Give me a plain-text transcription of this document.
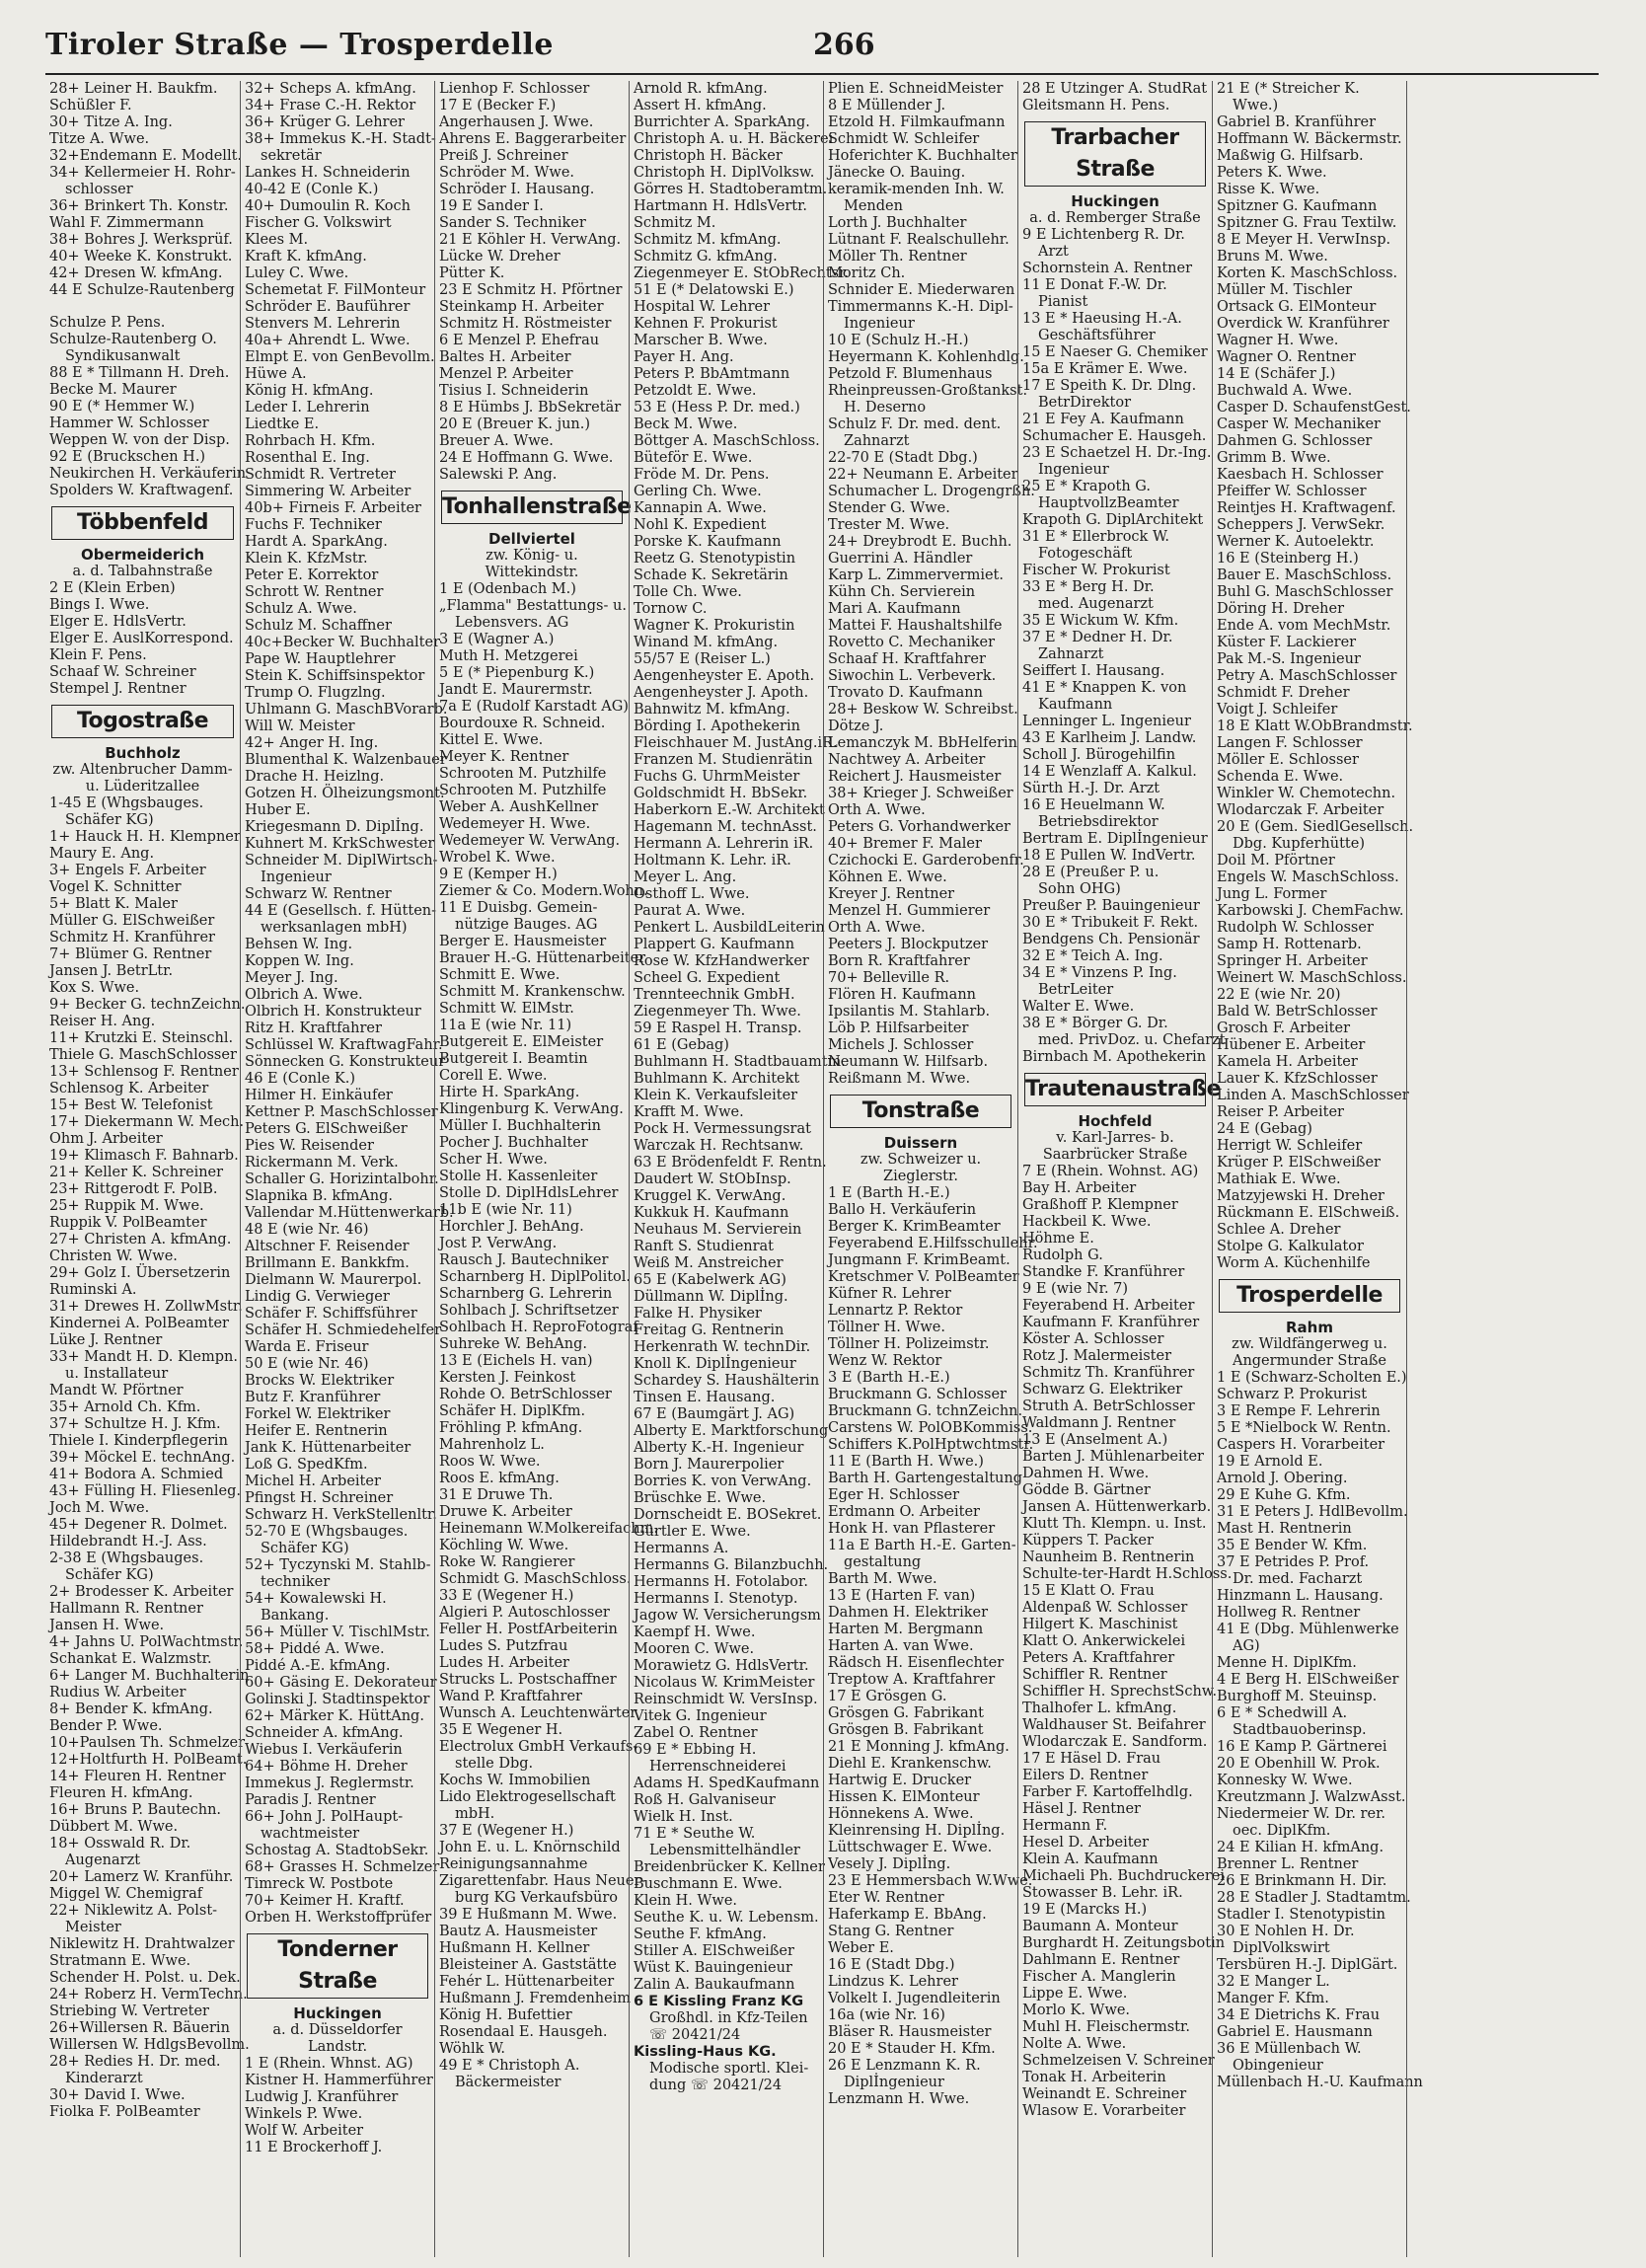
Tiroler Straße — Trosperdelle	266
28+ Leiner H. Baukfm.
Schüßler F.
30+ Titze A. Ing.
Titze A. Wwe.
32+Endemann E. Modellt.
34+ Kellermeier H. Rohr-
schlosser
36+ Brinkert Th. Konstr.
Wahl F. Zimmermann
38+ Bohres J. Werksprüf.
40+ Weeke K. Konstrukt.
42+ Dresen W. kfmAng.
44 E Schulze-Rautenberg
Schulze P. Pens.
Schulze-Rautenberg O.
Syndikusanwalt
88 E * Tillmann H. Dreh.
Becke M. Maurer
90 E (* Hemmer W.)
Hammer W. Schlosser
Weppen W. von der Disp.
92 E (Bruckschen H.)
Neukirchen H. Verkäuferin
Spolders W. Kraftwagenf.
Többenfeld
Obermeiderich
a. d. Talbahnstraße
2 E (Klein Erben)
Bings I. Wwe.
Elger E. HdlsVertr.
Elger E. AuslKorrespond.
Klein F. Pens.
Schaaf W. Schreiner
Stempel J. Rentner
Togostraße
Buchholz
zw. Altenbrucher Damm-
u. Lüderitzallee
1-45 E (Whgsbauges.
Schäfer KG)
1+ Hauck H. H. Klempner
Maury E. Ang.
3+ Engels F. Arbeiter
Vogel K. Schnitter
5+ Blatt K. Maler
Müller G. ElSchweißer
Schmitz H. Kranführer
7+ Blümer G. Rentner
Jansen J. BetrLtr.
Kox S. Wwe.
9+ Becker G. technZeichn.
Reiser H. Ang.
11+ Krutzki E. Steinschl.
Thiele G. MaschSchlosser
13+ Schlensog F. Rentner
Schlensog K. Arbeiter
15+ Best W. Telefonist
17+ Diekermann W. Mech.
Ohm J. Arbeiter
19+ Klimasch F. Bahnarb.
21+ Keller K. Schreiner
23+ Rittgerodt F. PolB.
25+ Ruppik M. Wwe.
Ruppik V. PolBeamter
27+ Christen A. kfmAng.
Christen W. Wwe.
29+ Golz I. Übersetzerin
Ruminski A.
31+ Drewes H. ZollwMstr.
Kindernei A. PolBeamter
Lüke J. Rentner
33+ Mandt H. D. Klempn.
u. Installateur
Mandt W. Pförtner
35+ Arnold Ch. Kfm.
37+ Schultze H. J. Kfm.
Thiele I. Kinderpflegerin
39+ Möckel E. technAng.
41+ Bodora A. Schmied
43+ Fülling H. Fliesenleg.
Joch M. Wwe.
45+ Degener R. Dolmet.
Hildebrandt H.-J. Ass.
2-38 E (Whgsbauges.
Schäfer KG)
2+ Brodesser K. Arbeiter
Hallmann R. Rentner
Jansen H. Wwe.
4+ Jahns U. PolWachtmstr.
Schankat E. Walzmstr.
6+ Langer M. Buchhalterin
Rudius W. Arbeiter
8+ Bender K. kfmAng.
Bender P. Wwe.
10+Paulsen Th. Schmelzer
12+Holtfurth H. PolBeamt.
14+ Fleuren H. Rentner
Fleuren H. kfmAng.
16+ Bruns P. Bautechn.
Dübbert M. Wwe.
18+ Osswald R. Dr.
Augenarzt
20+ Lamerz W. Kranführ.
Miggel W. Chemigraf
22+ Niklewitz A. Polst-
Meister
Niklewitz H. Drahtwalzer
Stratmann E. Wwe.
Schender H. Polst. u. Dek.
24+ Roberz H. VermTechn.
Striebing W. Vertreter
26+Willersen R. Bäuerin
Willersen W. HdlgsBevollm.
28+ Redies H. Dr. med.
Kinderarzt
30+ David I. Wwe.
Fiolka F. PolBeamter
32+ Scheps A. kfmAng.
34+ Frase C.-H. Rektor
36+ Krüger G. Lehrer
38+ Immekus K.-H. Stadt-
sekretär
Lankes H. Schneiderin
40-42 E (Conle K.)
40+ Dumoulin R. Koch
Fischer G. Volkswirt
Klees M.
Kraft K. kfmAng.
Luley C. Wwe.
Schemetat F. FilMonteur
Schröder E. Bauführer
Stenvers M. Lehrerin
40a+ Ahrendt L. Wwe.
Elmpt E. von GenBevollm.
Hüwe A.
König H. kfmAng.
Leder I. Lehrerin
Liedtke E.
Rohrbach H. Kfm.
Rosenthal E. Ing.
Schmidt R. Vertreter
Simmering W. Arbeiter
40b+ Firneis F. Arbeiter
Fuchs F. Techniker
Hardt A. SparkAng.
Klein K. KfzMstr.
Peter E. Korrektor
Schrott W. Rentner
Schulz A. Wwe.
Schulz M. Schaffner
40c+Becker W. Buchhalter
Pape W. Hauptlehrer
Stein K. Schiffsinspektor
Trump O. Flugzlng.
Uhlmann G. MaschBVorarb.
Will W. Meister
42+ Anger H. Ing.
Blumenthal K. Walzenbauer
Drache H. Heizlng.
Gotzen H. Ölheizungsmont.
Huber E.
Kriegesmann D. Diplİng.
Kuhnert M. KrkSchwester
Schneider M. DiplWirtsch-
Ingenieur
Schwarz W. Rentner
44 E (Gesellsch. f. Hütten-
werksanlagen mbH)
Behsen W. Ing.
Koppen W. Ing.
Meyer J. Ing.
Olbrich A. Wwe.
Olbrich H. Konstrukteur
Ritz H. Kraftfahrer
Schlüssel W. KraftwagFahr.
Sönnecken G. Konstrukteur
46 E (Conle K.)
Hilmer H. Einkäufer
Kettner P. MaschSchlosser
Peters G. ElSchweißer
Pies W. Reisender
Rickermann M. Verk.
Schaller G. Horizintalbohr.
Slapnika B. kfmAng.
Vallendar M.Hüttenwerkarb.
48 E (wie Nr. 46)
Altschner F. Reisender
Brillmann E. Bankkfm.
Dielmann W. Maurerpol.
Lindig G. Verwieger
Schäfer F. Schiffsführer
Schäfer H. Schmiedehelfer
Warda E. Friseur
50 E (wie Nr. 46)
Brocks W. Elektriker
Butz F. Kranführer
Forkel W. Elektriker
Heifer E. Rentnerin
Jank K. Hüttenarbeiter
Loß G. SpedKfm.
Michel H. Arbeiter
Pfingst H. Schreiner
Schwarz H. VerkStellenltr.
52-70 E (Whgsbauges.
Schäfer KG)
52+ Tyczynski M. Stahlb-
techniker
54+ Kowalewski H.
Bankang.
56+ Müller V. TischlMstr.
58+ Piddé A. Wwe.
Piddé A.-E. kfmAng.
60+ Gäsing E. Dekorateur
Golinski J. Stadtinspektor
62+ Märker K. HüttAng.
Schneider A. kfmAng.
Wiebus I. Verkäuferin
64+ Böhme H. Dreher
Immekus J. Reglermstr.
Paradis J. Rentner
66+ John J. PolHaupt-
wachtmeister
Schostag A. StadtobSekr.
68+ Grasses H. Schmelzer
Timreck W. Postbote
70+ Keimer H. Kraftf.
Orben H. Werkstoffprüfer
Tonderner Straße
Huckingen
a. d. Düsseldorfer Landstr.
1 E (Rhein. Whnst. AG)
Kistner H. Hammerführer
Ludwig J. Kranführer
Winkels P. Wwe.
Wolf W. Arbeiter
11 E Brockerhoff J.
Lienhop F. Schlosser
17 E (Becker F.)
Angerhausen J. Wwe.
Ahrens E. Baggerarbeiter
Preiß J. Schreiner
Schröder M. Wwe.
Schröder I. Hausang.
19 E Sander I.
Sander S. Techniker
21 E Köhler H. VerwAng.
Lücke W. Dreher
Pütter K.
23 E Schmitz H. Pförtner
Steinkamp H. Arbeiter
Schmitz H. Röstmeister
6 E Menzel P. Ehefrau
Baltes H. Arbeiter
Menzel P. Arbeiter
Tisius I. Schneiderin
8 E Hümbs J. BbSekretär
20 E (Breuer K. jun.)
Breuer A. Wwe.
24 E Hoffmann G. Wwe.
Salewski P. Ang.
Tonhallenstraße
Dellviertel
zw. König- u. Wittekindstr.
1 E (Odenbach M.)
„Flamma" Bestattungs- u.
Lebensvers. AG
3 E (Wagner A.)
Muth H. Metzgerei
5 E (* Piepenburg K.)
Jandt E. Maurermstr.
7a E (Rudolf Karstadt AG)
Bourdouxe R. Schneid.
Kittel E. Wwe.
Meyer K. Rentner
Schrooten M. Putzhilfe
Schrooten M. Putzhilfe
Weber A. AushKellner
Wedemeyer H. Wwe.
Wedemeyer W. VerwAng.
Wrobel K. Wwe.
9 E (Kemper H.)
Ziemer & Co. Modern.Wohn.
11 E Duisbg. Gemein-
nützige Bauges. AG
Berger E. Hausmeister
Brauer H.-G. Hüttenarbeiter
Schmitt E. Wwe.
Schmitt M. Krankenschw.
Schmitt W. ElMstr.
11a E (wie Nr. 11)
Butgereit E. ElMeister
Butgereit I. Beamtin
Corell E. Wwe.
Hirte H. SparkAng.
Klingenburg K. VerwAng.
Müller I. Buchhalterin
Pocher J. Buchhalter
Scher H. Wwe.
Stolle H. Kassenleiter
Stolle D. DiplHdlsLehrer
11b E (wie Nr. 11)
Horchler J. BehAng.
Jost P. VerwAng.
Rausch J. Bautechniker
Scharnberg H. DiplPolitol.
Scharnberg G. Lehrerin
Sohlbach J. Schriftsetzer
Sohlbach H. ReproFotograf
Suhreke W. BehAng.
13 E (Eichels H. van)
Kersten J. Feinkost
Rohde O. BetrSchlosser
Schäfer H. DiplKfm.
Fröhling P. kfmAng.
Mahrenholz L.
Roos W. Wwe.
Roos E. kfmAng.
31 E Druwe Th.
Druwe K. Arbeiter
Heinemann W.Molkereifachm.
Köchling W. Wwe.
Roke W. Rangierer
Schmidt G. MaschSchloss.
33 E (Wegener H.)
Algieri P. Autoschlosser
Feller H. PostfArbeiterin
Ludes S. Putzfrau
Ludes H. Arbeiter
Strucks L. Postschaffner
Wand P. Kraftfahrer
Wunsch A. Leuchtenwärter
35 E Wegener H.
Electrolux GmbH Verkaufs-
stelle Dbg.
Kochs W. Immobilien
Lido Elektrogesellschaft
mbH.
37 E (Wegener H.)
John E. u. L. Knörnschild
Reinigungsannahme
Zigarettenfabr. Haus Neuer-
burg KG Verkaufsbüro
39 E Hußmann M. Wwe.
Bautz A. Hausmeister
Hußmann H. Kellner
Bleisteiner A. Gaststätte
Fehér L. Hüttenarbeiter
Hußmann J. Fremdenheim
König H. Bufettier
Rosendaal E. Hausgeh.
Wöhlk W.
49 E * Christoph A.
Bäckermeister
Arnold R. kfmAng.
Assert H. kfmAng.
Burrichter A. SparkAng.
Christoph A. u. H. Bäckerei
Christoph H. Bäcker
Christoph H. DiplVolksw.
Görres H. Stadtoberamtm.
Hartmann H. HdlsVertr.
Schmitz M.
Schmitz M. kfmAng.
Schmitz G. kfmAng.
Ziegenmeyer E. StObRechtsr.
51 E (* Delatowski E.)
Hospital W. Lehrer
Kehnen F. Prokurist
Marscher B. Wwe.
Payer H. Ang.
Peters P. BbAmtmann
Petzoldt E. Wwe.
53 E (Hess P. Dr. med.)
Beck M. Wwe.
Böttger A. MaschSchloss.
Büteför E. Wwe.
Fröde M. Dr. Pens.
Gerling Ch. Wwe.
Kannapin A. Wwe.
Nohl K. Expedient
Porske K. Kaufmann
Reetz G. Stenotypistin
Schade K. Sekretärin
Tolle Ch. Wwe.
Tornow C.
Wagner K. Prokuristin
Winand M. kfmAng.
55/57 E (Reiser L.)
Aengenheyster E. Apoth.
Aengenheyster J. Apoth.
Bahnwitz M. kfmAng.
Börding I. Apothekerin
Fleischhauer M. JustAng.iR.
Franzen M. Studienrätin
Fuchs G. UhrmMeister
Goldschmidt H. BbSekr.
Haberkorn E.-W. Architekt
Hagemann M. technAsst.
Hermann A. Lehrerin iR.
Holtmann K. Lehr. iR.
Meyer L. Ang.
Osthoff L. Wwe.
Paurat A. Wwe.
Penkert L. AusbildLeiterin
Plappert G. Kaufmann
Rose W. KfzHandwerker
Scheel G. Expedient
Trennteechnik GmbH.
Ziegenmeyer Th. Wwe.
59 E Raspel H. Transp.
61 E (Gebag)
Buhlmann H. Stadtbauamtm.
Buhlmann K. Architekt
Klein K. Verkaufsleiter
Krafft M. Wwe.
Pock H. Vermessungsrat
Warczak H. Rechtsanw.
63 E Brödenfeldt F. Rentn.
Daudert W. StObInsp.
Kruggel K. VerwAng.
Kukkuk H. Kaufmann
Neuhaus M. Servierein
Ranft S. Studienrat
Weiß M. Anstreicher
65 E (Kabelwerk AG)
Düllmann W. Diplİng.
Falke H. Physiker
Freitag G. Rentnerin
Herkenrath W. technDir.
Knoll K. Diplİngenieur
Schardey S. Haushälterin
Tinsen E. Hausang.
67 E (Baumgärt J. AG)
Alberty E. Marktforschung
Alberty K.-H. Ingenieur
Born J. Maurerpolier
Borries K. von VerwAng.
Brüschke E. Wwe.
Dornscheidt E. BOSekret.
Gürtler E. Wwe.
Hermanns A.
Hermanns G. Bilanzbuchh.
Hermanns H. Fotolabor.
Hermanns I. Stenotyp.
Jagow W. Versicherungsm
Kaempf H. Wwe.
Mooren C. Wwe.
Morawietz G. HdlsVertr.
Nicolaus W. KrimMeister
Reinschmidt W. VersInsp.
Vitek G. Ingenieur
Zabel O. Rentner
69 E * Ebbing H.
Herrenschneiderei
Adams H. SpedKaufmann
Roß H. Galvaniseur
Wielk H. Inst.
71 E * Seuthe W.
Lebensmittelhändler
Breidenbrücker K. Kellner
Buschmann E. Wwe.
Klein H. Wwe.
Seuthe K. u. W. Lebensm.
Seuthe F. kfmAng.
Stiller A. ElSchweißer
Wüst K. Bauingenieur
Zalin A. Baukaufmann
6 E Kissling Franz KG
Großhdl. in Kfz-Teilen
☏ 20421/24
Kissling-Haus KG.
Modische sportl. Klei-
dung ☏ 20421/24
Plien E. SchneidMeister
8 E Müllender J.
Etzold H. Filmkaufmann
Schmidt W. Schleifer
Hoferichter K. Buchhalter
Jänecke O. Bauing.
keramik-menden Inh. W.
Menden
Lorth J. Buchhalter
Lütnant F. Realschullehr.
Möller Th. Rentner
Moritz Ch.
Schnider E. Miederwaren
Timmermanns K.-H. Dipl-
Ingenieur
10 E (Schulz H.-H.)
Heyermann K. Kohlenhdlg.
Petzold F. Blumenhaus
Rheinpreussen-Großtankst.
H. Deserno
Schulz F. Dr. med. dent.
Zahnarzt
22-70 E (Stadt Dbg.)
22+ Neumann E. Arbeiter
Schumacher L. Drogengrßh.
Stender G. Wwe.
Trester M. Wwe.
24+ Dreybrodt E. Buchh.
Guerrini A. Händler
Karp L. Zimmervermiet.
Kühn Ch. Servierein
Mari A. Kaufmann
Mattei F. Haushaltshilfe
Rovetto C. Mechaniker
Schaaf H. Kraftfahrer
Siwochin L. Verbeverk.
Trovato D. Kaufmann
28+ Beskow W. Schreibst.
Dötze J.
Lemanczyk M. BbHelferin
Nachtwey A. Arbeiter
Reichert J. Hausmeister
38+ Krieger J. Schweißer
Orth A. Wwe.
Peters G. Vorhandwerker
40+ Bremer F. Maler
Czichocki E. Garderobenfr.
Köhnen E. Wwe.
Kreyer J. Rentner
Menzel H. Gummierer
Orth A. Wwe.
Peeters J. Blockputzer
Born R. Kraftfahrer
70+ Belleville R.
Flören H. Kaufmann
Ipsilantis M. Stahlarb.
Löb P. Hilfsarbeiter
Michels J. Schlosser
Neumann W. Hilfsarb.
Reißmann M. Wwe.
Tonstraße
Duissern
zw. Schweizer u. Zieglerstr.
1 E (Barth H.-E.)
Ballo H. Verkäuferin
Berger K. KrimBeamter
Feyerabend E.Hilfsschullehr.
Jungmann F. KrimBeamt.
Kretschmer V. PolBeamter
Küfner R. Lehrer
Lennartz P. Rektor
Töllner H. Wwe.
Töllner H. Polizeimstr.
Wenz W. Rektor
3 E (Barth H.-E.)
Bruckmann G. Schlosser
Bruckmann G. tchnZeichn.
Carstens W. PolOBKommiss.
Schiffers K.PolHptwchtmstr.
11 E (Barth H. Wwe.)
Barth H. Gartengestaltung
Eger H. Schlosser
Erdmann O. Arbeiter
Honk H. van Pflasterer
11a E Barth H.-E. Garten-
gestaltung
Barth M. Wwe.
13 E (Harten F. van)
Dahmen H. Elektriker
Harten M. Bergmann
Harten A. van Wwe.
Rädsch H. Eisenflechter
Treptow A. Kraftfahrer
17 E Grösgen G.
Grösgen G. Fabrikant
Grösgen B. Fabrikant
21 E Monning J. kfmAng.
Diehl E. Krankenschw.
Hartwig E. Drucker
Hissen K. ElMonteur
Hönnekens A. Wwe.
Kleinrensing H. Diplİng.
Lüttschwager E. Wwe.
Vesely J. Diplİng.
23 E Hemmersbach W.Wwe.
Eter W. Rentner
Haferkamp E. BbAng.
Stang G. Rentner
Weber E.
16 E (Stadt Dbg.)
Lindzus K. Lehrer
Volkelt I. Jugendleiterin
16a (wie Nr. 16)
Bläser R. Hausmeister
20 E * Stauder H. Kfm.
26 E Lenzmann K. R.
Diplİngenieur
Lenzmann H. Wwe.
28 E Utzinger A. StudRat
Gleitsmann H. Pens.
Trarbacher Straße
Huckingen
a. d. Remberger Straße
9 E Lichtenberg R. Dr.
Arzt
Schornstein A. Rentner
11 E Donat F.-W. Dr.
Pianist
13 E * Haeusing H.-A.
Geschäftsführer
15 E Naeser G. Chemiker
15a E Krämer E. Wwe.
17 E Speith K. Dr. Dlng.
BetrDirektor
21 E Fey A. Kaufmann
Schumacher E. Hausgeh.
23 E Schaetzel H. Dr.-Ing.
Ingenieur
25 E * Krapoth G.
HauptvollzBeamter
Krapoth G. DiplArchitekt
31 E * Ellerbrock W.
Fotogeschäft
Fischer W. Prokurist
33 E * Berg H. Dr.
med. Augenarzt
35 E Wickum W. Kfm.
37 E * Dedner H. Dr.
Zahnarzt
Seiffert I. Hausang.
41 E * Knappen K. von
Kaufmann
Lenninger L. Ingenieur
43 E Karlheim J. Landw.
Scholl J. Bürogehilfin
14 E Wenzlaff A. Kalkul.
Sürth H.-J. Dr. Arzt
16 E Heuelmann W.
Betriebsdirektor
Bertram E. Diplİngenieur
18 E Pullen W. IndVertr.
28 E (Preußer P. u.
Sohn OHG)
Preußer P. Bauingenieur
30 E * Tribukeit F. Rekt.
Bendgens Ch. Pensionär
32 E * Teich A. Ing.
34 E * Vinzens P. Ing.
BetrLeiter
Walter E. Wwe.
38 E * Börger G. Dr.
med. PrivDoz. u. Chefarzt
Birnbach M. Apothekerin
Trautenaustraße
Hochfeld
v. Karl-Jarres- b.
Saarbrücker Straße
7 E (Rhein. Wohnst. AG)
Bay H. Arbeiter
Graßhoff P. Klempner
Hackbeil K. Wwe.
Höhme E.
Rudolph G.
Standke F. Kranführer
9 E (wie Nr. 7)
Feyerabend H. Arbeiter
Kaufmann F. Kranführer
Köster A. Schlosser
Rotz J. Malermeister
Schmitz Th. Kranführer
Schwarz G. Elektriker
Struth A. BetrSchlosser
Waldmann J. Rentner
13 E (Anselment A.)
Barten J. Mühlenarbeiter
Dahmen H. Wwe.
Gödde B. Gärtner
Jansen A. Hüttenwerkarb.
Klutt Th. Klempn. u. Inst.
Küppers T. Packer
Naunheim B. Rentnerin
Schulte-ter-Hardt H.Schloss.
15 E Klatt O. Frau
Aldenpaß W. Schlosser
Hilgert K. Maschinist
Klatt O. Ankerwickelei
Peters A. Kraftfahrer
Schiffler R. Rentner
Schiffler H. SprechstSchw.
Thalhofer L. kfmAng.
Waldhauser St. Beifahrer
Wlodarczak E. Sandform.
17 E Häsel D. Frau
Eilers D. Rentner
Farber F. Kartoffelhdlg.
Häsel J. Rentner
Hermann F.
Hesel D. Arbeiter
Klein A. Kaufmann
Michaeli Ph. Buchdruckerei
Stowasser B. Lehr. iR.
19 E (Marcks H.)
Baumann A. Monteur
Burghardt H. Zeitungsbotin
Dahlmann E. Rentner
Fischer A. Manglerin
Lippe E. Wwe.
Morlo K. Wwe.
Muhl H. Fleischermstr.
Nolte A. Wwe.
Schmelzeisen V. Schreiner
Tonak H. Arbeiterin
Weinandt E. Schreiner
Wlasow E. Vorarbeiter
21 E (* Streicher K.
Wwe.)
Gabriel B. Kranführer
Hoffmann W. Bäckermstr.
Maßwig G. Hilfsarb.
Peters K. Wwe.
Risse K. Wwe.
Spitzner G. Kaufmann
Spitzner G. Frau Textilw.
8 E Meyer H. VerwInsp.
Bruns M. Wwe.
Korten K. MaschSchloss.
Müller M. Tischler
Ortsack G. ElMonteur
Overdick W. Kranführer
Wagner H. Wwe.
Wagner O. Rentner
14 E (Schäfer J.)
Buchwald A. Wwe.
Casper D. SchaufenstGest.
Casper W. Mechaniker
Dahmen G. Schlosser
Grimm B. Wwe.
Kaesbach H. Schlosser
Pfeiffer W. Schlosser
Reintjes H. Kraftwagenf.
Scheppers J. VerwSekr.
Werner K. Autoelektr.
16 E (Steinberg H.)
Bauer E. MaschSchloss.
Buhl G. MaschSchlosser
Döring H. Dreher
Ende A. vom MechMstr.
Küster F. Lackierer
Pak M.-S. Ingenieur
Petry A. MaschSchlosser
Schmidt F. Dreher
Voigt J. Schleifer
18 E Klatt W.ObBrandmstr.
Langen F. Schlosser
Möller E. Schlosser
Schenda E. Wwe.
Winkler W. Chemotechn.
Wlodarczak F. Arbeiter
20 E (Gem. SiedlGesellsch.
Dbg. Kupferhütte)
Doil M. Pförtner
Engels W. MaschSchloss.
Jung L. Former
Karbowski J. ChemFachw.
Rudolph W. Schlosser
Samp H. Rottenarb.
Springer H. Arbeiter
Weinert W. MaschSchloss.
22 E (wie Nr. 20)
Bald W. BetrSchlosser
Grosch F. Arbeiter
Hübener E. Arbeiter
Kamela H. Arbeiter
Lauer K. KfzSchlosser
Linden A. MaschSchlosser
Reiser P. Arbeiter
24 E (Gebag)
Herrigt W. Schleifer
Krüger P. ElSchweißer
Mathiak E. Wwe.
Matzyjewski H. Dreher
Rückmann E. ElSchweiß.
Schlee A. Dreher
Stolpe G. Kalkulator
Worm A. Küchenhilfe
Trosperdelle
Rahm
zw. Wildfängerweg u.
Angermunder Straße
1 E (Schwarz-Scholten E.)
Schwarz P. Prokurist
3 E Rempe F. Lehrerin
5 E *Nielbock W. Rentn.
Caspers H. Vorarbeiter
19 E Arnold E.
Arnold J. Obering.
29 E Kuhe G. Kfm.
31 E Peters J. HdlBevollm.
Mast H. Rentnerin
35 E Bender W. Kfm.
37 E Petrides P. Prof.
Dr. med. Facharzt
Hinzmann L. Hausang.
Hollweg R. Rentner
41 E (Dbg. Mühlenwerke
AG)
Menne H. DiplKfm.
4 E Berg H. ElSchweißer
Burghoff M. Steuinsp.
6 E * Schedwill A.
Stadtbauoberinsp.
16 E Kamp P. Gärtnerei
20 E Obenhill W. Prok.
Konnesky W. Wwe.
Kreutzmann J. WalzwAsst.
Niedermeier W. Dr. rer.
oec. DiplKfm.
24 E Kilian H. kfmAng.
Brenner L. Rentner
26 E Brinkmann H. Dir.
28 E Stadler J. Stadtamtm.
Stadler I. Stenotypistin
30 E Nohlen H. Dr.
DiplVolkswirt
Tersbüren H.-J. DiplGärt.
32 E Manger L.
Manger F. Kfm.
34 E Dietrichs K. Frau
Gabriel E. Hausmann
36 E Müllenbach W.
Obingenieur
Müllenbach H.-U. Kaufmann
